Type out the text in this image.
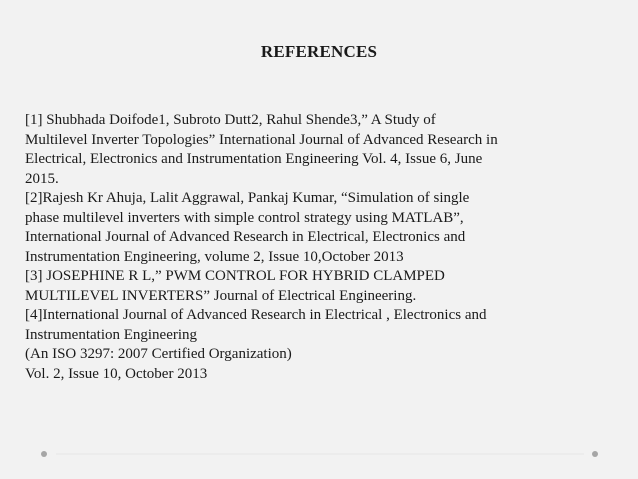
REFERENCES
[1] Shubhada Doifode1, Subroto Dutt2, Rahul Shende3,” A Study of
Multilevel Inverter Topologies” International Journal of Advanced Research in
Electrical, Electronics and Instrumentation Engineering Vol. 4, Issue 6, June
2015.
[2]Rajesh Kr Ahuja, Lalit Aggrawal, Pankaj Kumar, “Simulation of single
phase multilevel inverters with simple control strategy using MATLAB”,
International Journal of Advanced Research in Electrical, Electronics and
Instrumentation Engineering, volume 2, Issue 10,October 2013
[3] JOSEPHINE R L,” PWM CONTROL FOR HYBRID CLAMPED
MULTILEVEL INVERTERS” Journal of Electrical Engineering.
[4]International Journal of Advanced Research in Electrical , Electronics and
Instrumentation Engineering
(An ISO 3297: 2007 Certified Organization)
Vol. 2, Issue 10, October 2013
